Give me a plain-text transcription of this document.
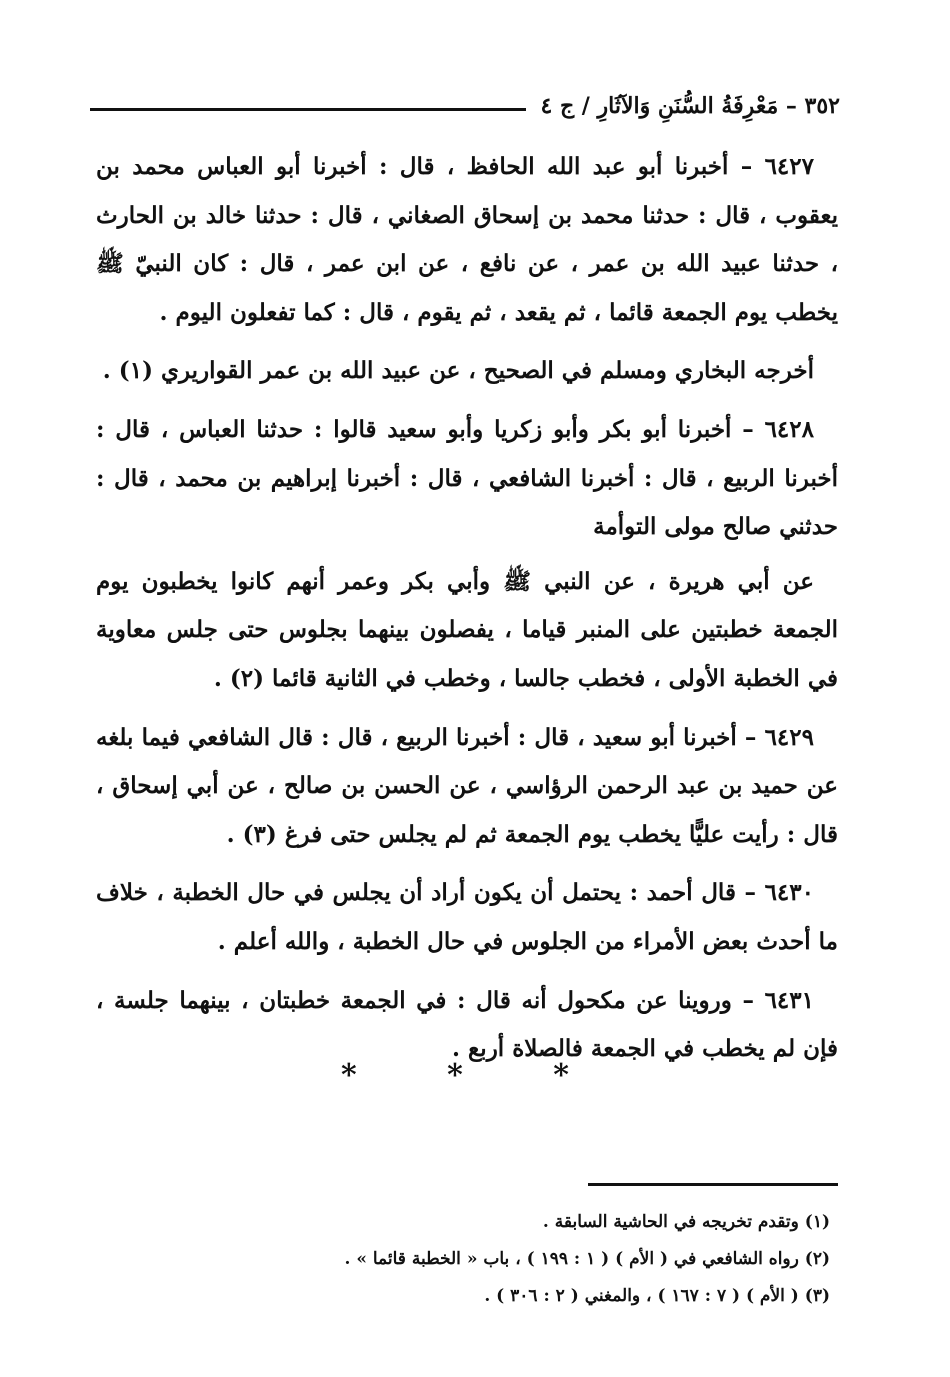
٣٥٢ – مَعْرِفَةُ السُّنَنِ وَالآثَارِ / ج ٤

٦٤٢٧ – أخبرنا أبو عبد الله الحافظ ، قال : أخبرنا أبو العباس محمد بن يعقوب ، قال : حدثنا محمد بن إسحاق الصغاني ، قال : حدثنا خالد بن الحارث ، حدثنا عبيد الله بن عمر ، عن نافع ، عن ابن عمر ، قال : كان النبيّ ﷺ يخطب يوم الجمعة قائما ، ثم يقعد ، ثم يقوم ، قال : كما تفعلون اليوم .

أخرجه البخاري ومسلم في الصحيح ، عن عبيد الله بن عمر القواريري (١) .

٦٤٢٨ – أخبرنا أبو بكر وأبو زكريا وأبو سعيد قالوا : حدثنا العباس ، قال : أخبرنا الربيع ، قال : أخبرنا الشافعي ، قال : أخبرنا إبراهيم بن محمد ، قال : حدثني صالح مولى التوأمة

عن أبي هريرة ، عن النبي ﷺ وأبي بكر وعمر أنهم كانوا يخطبون يوم الجمعة خطبتين على المنبر قياما ، يفصلون بينهما بجلوس حتى جلس معاوية في الخطبة الأولى ، فخطب جالسا ، وخطب في الثانية قائما (٢) .

٦٤٢٩ – أخبرنا أبو سعيد ، قال : أخبرنا الربيع ، قال : قال الشافعي فيما بلغه عن حميد بن عبد الرحمن الرؤاسي ، عن الحسن بن صالح ، عن أبي إسحاق ، قال : رأيت عليًّا يخطب يوم الجمعة ثم لم يجلس حتى فرغ (٣) .

٦٤٣٠ – قال أحمد : يحتمل أن يكون أراد أن يجلس في حال الخطبة ، خلاف ما أحدث بعض الأمراء من الجلوس في حال الخطبة ، والله أعلم .

٦٤٣١ – وروينا عن مكحول أنه قال : في الجمعة خطبتان ، بينهما جلسة ، فإن لم يخطب في الجمعة فالصلاة أربع .

* * *

(١) وتقدم تخريجه في الحاشية السابقة .

(٢) رواه الشافعي في ( الأم ) ( ١ : ١٩٩ ) ، باب « الخطبة قائما » .

(٣) ( الأم ) ( ٧ : ١٦٧ ) ، والمغني ( ٢ : ٣٠٦ ) .
